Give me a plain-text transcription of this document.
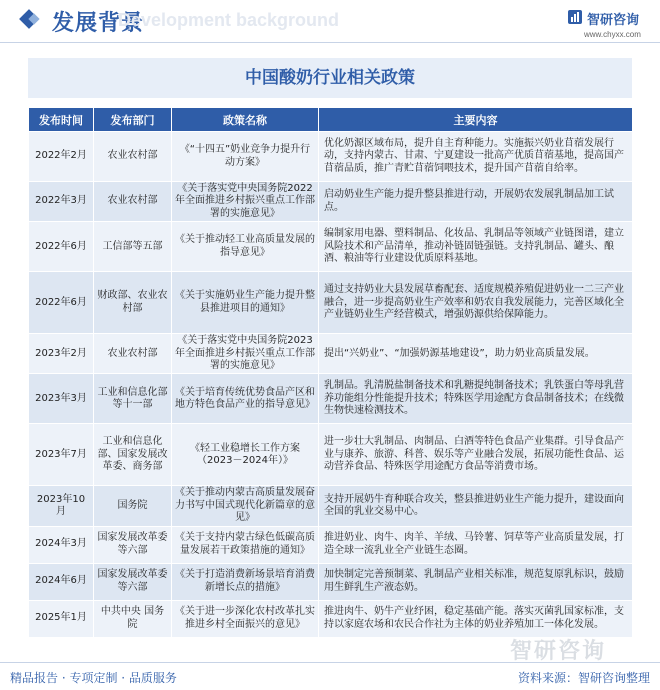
发展背景
Development background	智研咨询
www.chyxx.com
中国酸奶行业相关政策
发布时间	发布部门	政策名称	主要内容
2022年2月	农业农村部	《“十四五”奶业竞争力提升行动方案》	优化奶源区域布局，提升自主育种能力。实施振兴奶业苜蓿发展行动，支持内蒙古、甘肃、宁夏建设一批高产优质苜蓿基地，提高国产苜蓿品质，推广青贮苜蓿饲喂技术，提升国产苜蓿自给率。
2022年3月	农业农村部	《关于落实党中央国务院2022年全面推进乡村振兴重点工作部署的实施意见》	启动奶业生产能力提升整县推进行动，开展奶农发展乳制品加工试点。
2022年6月	工信部等五部	《关于推动轻工业高质量发展的指导意见》	编制家用电器、塑料制品、化妆品、乳制品等领域产业链图谱，建立风险技术和产品清单，推动补链固链强链。支持乳制品、罐头、酿酒、粮油等行业建设优质原料基地。
2022年6月	财政部、农业农村部	《关于实施奶业生产能力提升整县推进项目的通知》	通过支持奶业大县发展草畜配套、适度规模养殖促进奶业一二三产业融合，进一步提高奶业生产效率和奶农自我发展能力，完善区域化全产业链奶业生产经营模式，增强奶源供给保障能力。
2023年2月	农业农村部	《关于落实党中央国务院2023年全面推进乡村振兴重点工作部署的实施意见》	提出“兴奶业”、“加强奶源基地建设”，助力奶业高质量发展。
2023年3月	工业和信息化部等十一部	《关于培育传统优势食品产区和地方特色食品产业的指导意见》	乳制品。乳清脱盐制备技术和乳糖提纯制备技术；乳铁蛋白等母乳营养功能组分性能提升技术；特殊医学用途配方食品制备技术；在线微生物快速检测技术。
2023年7月	工业和信息化部、国家发展改革委、商务部	《轻工业稳增长工作方案（2023－2024年）》	进一步壮大乳制品、肉制品、白酒等特色食品产业集群。引导食品产业与康养、旅游、科普、娱乐等产业融合发展，拓展功能性食品、运动营养食品、特殊医学用途配方食品等消费市场。
2023年10月	国务院	《关于推动内蒙古高质量发展奋力书写中国式现代化新篇章的意见》	支持开展奶牛育种联合攻关，整县推进奶业生产能力提升，建设面向全国的乳业交易中心。
2024年3月	国家发展改革委等六部	《关于支持内蒙古绿色低碳高质量发展若干政策措施的通知》	推进奶业、肉牛、肉羊、羊绒、马铃薯、饲草等产业高质量发展，打造全球一流乳业全产业链生态圈。
2024年6月	国家发展改革委等六部	《关于打造消费新场景培育消费新增长点的措施》	加快制定完善预制菜、乳制品产业相关标准，规范复原乳标识，鼓励用生鲜乳生产液态奶。
2025年1月	中共中央 国务院	《关于进一步深化农村改革扎实推进乡村全面振兴的意见》	推进肉牛、奶牛产业纾困，稳定基础产能。落实灭菌乳国家标准，支持以家庭农场和农民合作社为主体的奶业养殖加工一体化发展。
智研咨询
精品报告 · 专项定制 · 品质服务	资料来源：智研咨询整理
